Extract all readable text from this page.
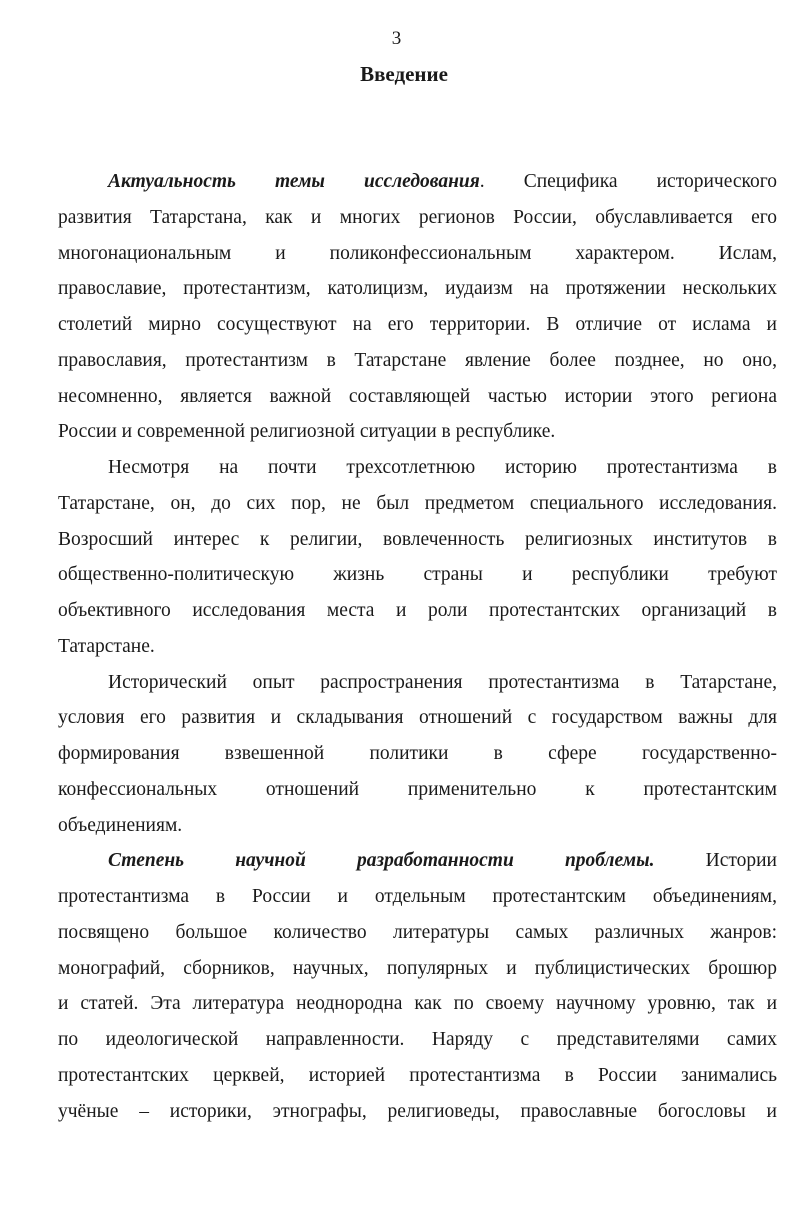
3
Введение
Актуальность темы исследования. Специфика исторического
развития Татарстана, как и многих регионов России, обуславливается его
многонациональным и поликонфессиональным характером. Ислам,
православие, протестантизм, католицизм, иудаизм на протяжении нескольких
столетий мирно сосуществуют на его территории. В отличие от ислама и
православия, протестантизм в Татарстане явление более позднее, но оно,
несомненно, является важной составляющей частью истории этого региона
России и современной религиозной ситуации в республике.
Несмотря на почти трехсотлетнюю историю протестантизма в
Татарстане, он, до сих пор, не был предметом специального исследования.
Возросший интерес к религии, вовлеченность религиозных институтов в
общественно-политическую жизнь страны и республики требуют
объективного исследования места и роли протестантских организаций в
Татарстане.
Исторический опыт распространения протестантизма в Татарстане,
условия его развития и складывания отношений с государством важны для
формирования взвешенной политики в сфере государственно-
конфессиональных отношений применительно к протестантским
объединениям.
Степень научной разработанности проблемы. Истории
протестантизма в России и отдельным протестантским объединениям,
посвящено большое количество литературы самых различных жанров:
монографий, сборников, научных, популярных и публицистических брошюр
и статей. Эта литература неоднородна как по своему научному уровню, так и
по идеологической направленности. Наряду с представителями самих
протестантских церквей, историей протестантизма в России занимались
учёные – историки, этнографы, религиоведы, православные богословы и
